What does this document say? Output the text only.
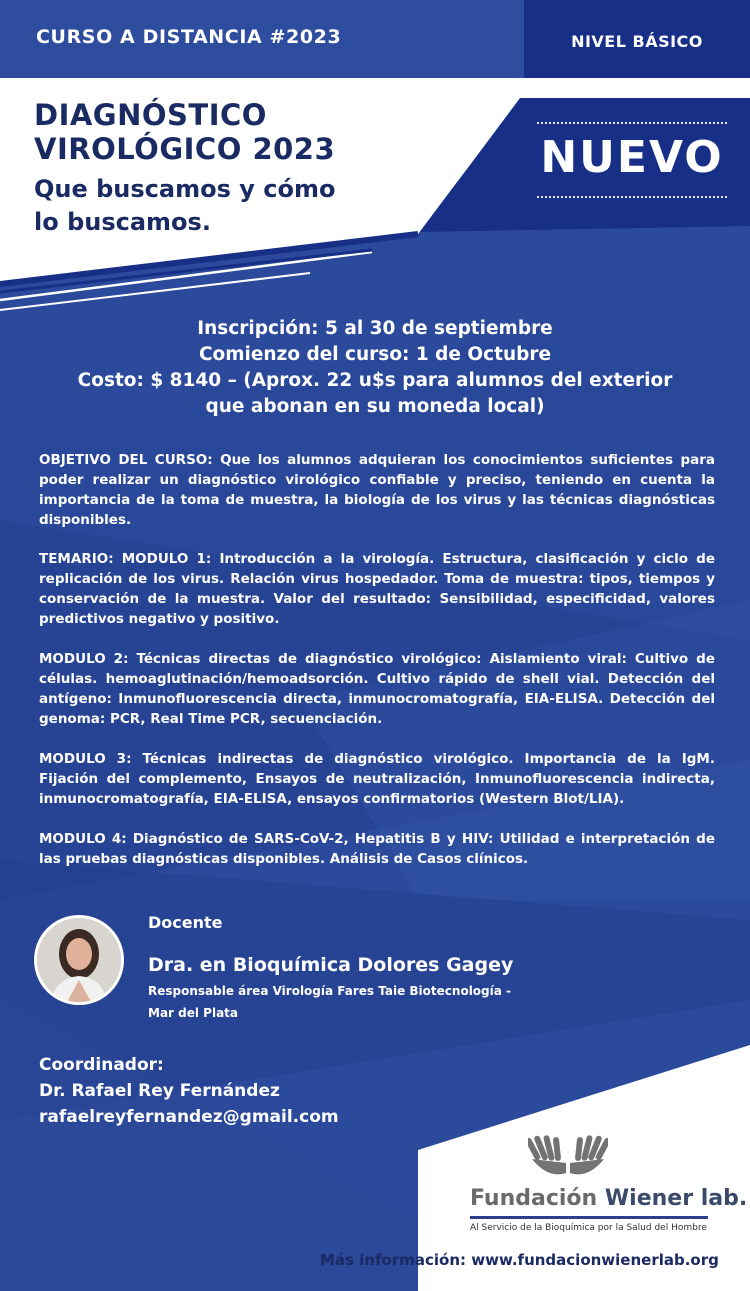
CURSO A DISTANCIA #2023	NIVEL BÁSICO
DIAGNÓSTICO
VIROLÓGICO 2023
Que buscamos y cómo
lo buscamos.
NUEVO
Inscripción: 5 al 30 de septiembre
Comienzo del curso: 1 de Octubre
Costo: $ 8140 – (Aprox. 22 u$s para alumnos del exterior
que abonan en su moneda local)

OBJETIVO DEL CURSO: Que los alumnos adquieran los conocimientos suficientes para poder realizar un diagnóstico virológico confiable y preciso, teniendo en cuenta la importancia de la toma de muestra, la biología de los virus y las técnicas diagnósticas disponibles.

TEMARIO: MODULO 1: Introducción a la virología. Estructura, clasificación y ciclo de replicación de los virus. Relación virus hospedador. Toma de muestra: tipos, tiempos y conservación de la muestra. Valor del resultado: Sensibilidad, especificidad, valores predictivos negativo y positivo.

MODULO 2: Técnicas directas de diagnóstico virológico: Aislamiento viral: Cultivo de células. hemoaglutinación/hemoadsorción. Cultivo rápido de shell vial. Detección del antígeno: Inmunofluorescencia directa, inmunocromatografía, EIA-ELISA. Detección del genoma: PCR, Real Time PCR, secuenciación.

MODULO 3: Técnicas indirectas de diagnóstico virológico. Importancia de la IgM. Fijación del complemento, Ensayos de neutralización, Inmunofluorescencia indirecta, inmunocromatografía, EIA-ELISA, ensayos confirmatorios (Western Blot/LIA).

MODULO 4: Diagnóstico de SARS-CoV-2, Hepatitis B y HIV: Utilidad e interpretación de las pruebas diagnósticas disponibles. Análisis de Casos clínicos.

Docente
Dra. en Bioquímica Dolores Gagey
Responsable área Virología Fares Taie Biotecnología -
Mar del Plata
Coordinador:
Dr. Rafael Rey Fernández
rafaelreyfernandez@gmail.com
Fundación Wiener lab.
Al Servicio de la Bioquímica por la Salud del Hombre
Más información: www.fundacionwienerlab.org
